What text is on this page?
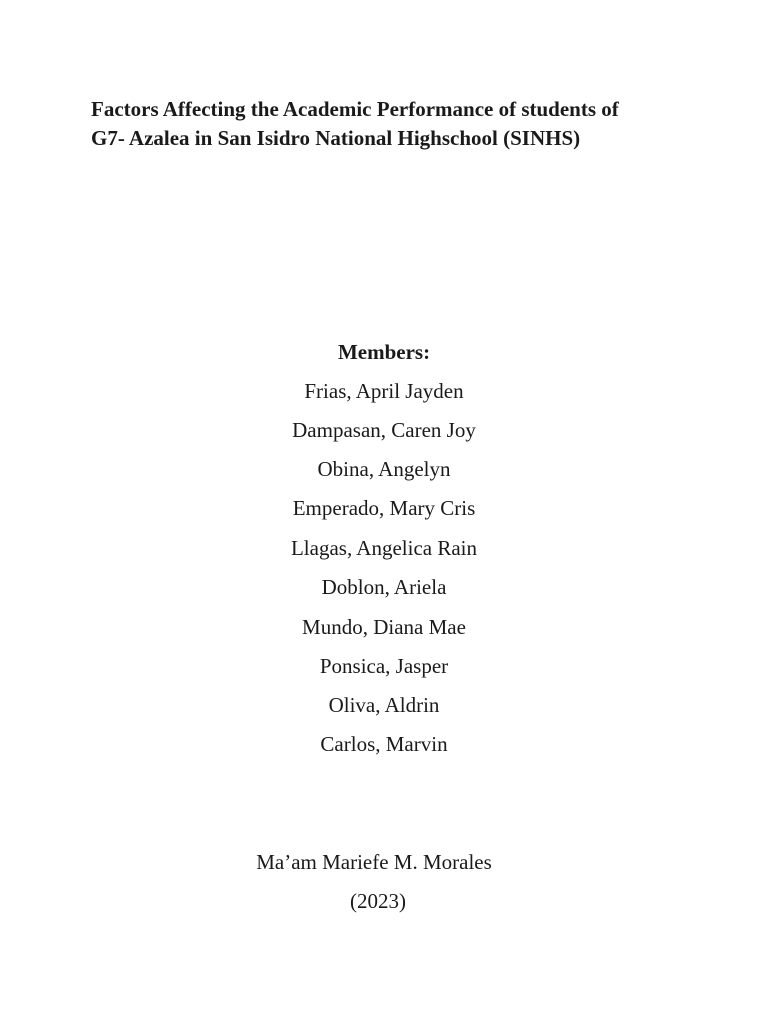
Factors Affecting the Academic Performance of students of
G7- Azalea in San Isidro National Highschool (SINHS)
Members:
Frias, April Jayden
Dampasan, Caren Joy
Obina, Angelyn
Emperado, Mary Cris
Llagas, Angelica Rain
Doblon, Ariela
Mundo, Diana Mae
Ponsica, Jasper
Oliva, Aldrin
Carlos, Marvin
Ma’am Mariefe M. Morales
(2023)
